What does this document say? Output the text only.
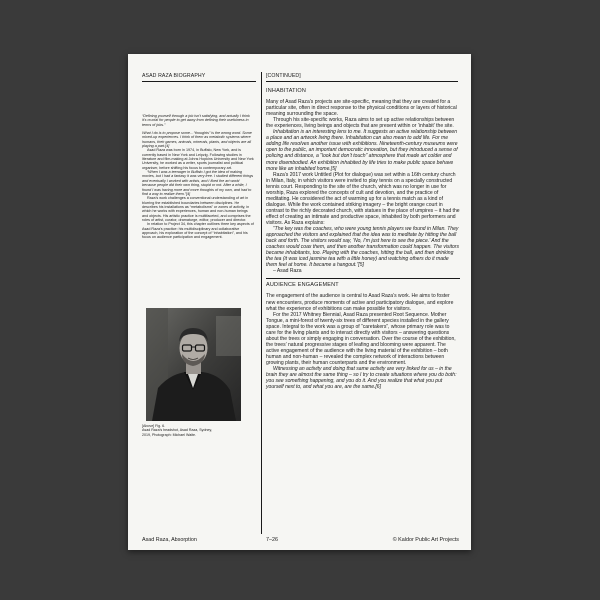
ASAD RAZA BIOGRAPHY	[CONTINUED]

“Defining yourself through a job isn’t satisfying, and actually I think it’s crucial for people to get away from defining their usefulness in terms of jobs.”

What I do is to propose some…“thoughts” is the wrong word. Some mixed-up experiences. I think of them as metabolic systems where humans, their games, animals, minerals, plants, and objects are all playing a part.[4]

Asad Raza was born in 1974, in Buffalo, New York, and is currently based in New York and Leipzig. Following studies in literature and film-making at Johns Hopkins University and New York University, he worked as a writer, sports journalist and political organiser, before shifting his focus to contemporary art.

“When I was a teenager in Buffalo I got the idea of making movies, but I had a fantasy it was very free. I studied different things and eventually I worked with artists, and I liked the art world because people did their own thing, stupid or not. After a while, I found I was having more and more thoughts of my own, and had to find a way to realize them.”[4]

Raza’s work challenges a conventional understanding of art in blurring the established boundaries between disciplines. He describes his installations as “metabolisms” or zones of activity, in which he works with experiences, human and non-human beings and objects. His artistic practice is multifaceted, and comprises the roles of artist, curator, dramaturge, editor, producer and director.

In relation to Project 34, this chapter outlines three key aspects of Asad Raza’s practice: his multidisciplinary and collaborative approach, his exploration of the concept of “inhabitation”, and his focus on audience participation and engagement.

[Above] Fig. 6.
Asad Raza’s headshot, Asad Raza, Sydney,
2019, Photograph: Michael Waite.
INHABITATION

Many of Asad Raza’s projects are site-specific, meaning that they are created for a particular site, often in direct response to the physical conditions or layers of historical meaning surrounding the space.

Through his site-specific works, Raza aims to set up active relationships between the experiences, living beings and objects that are present within or ‘inhabit’ the site.

Inhabitation is an interesting lens to me. It suggests an active relationship between a place and an artwork living there. Inhabitation can also mean to add life. For me adding life resolves another issue with exhibitions. Nineteenth-century museums were open to the public, an important democratic innovation, but they introduced a sense of policing and distance, a “look but don’t touch” atmosphere that made art colder and more disembodied. An exhibition inhabited by life tries to make public space behave more like an inhabited home.[5]

Raza’s 2017 work Untitled (Plot for dialogue) was set within a 16th century church in Milan, Italy, in which visitors were invited to play tennis on a specially constructed tennis court. Responding to the site of the church, which was no longer in use for worship, Raza explored the concepts of cult and devotion, and the practice of meditating. He considered the act of warming up for a tennis match as a kind of dialogue. While the work contained striking imagery – the bright orange court in contrast to the richly decorated church, with statues in the place of umpires – it had the effect of creating an intimate and productive space, inhabited by both performers and visitors. As Raza explains:

“The key was the coaches, who were young tennis players we found in Milan. They approached the visitors and explained that the idea was to meditate by hitting the ball back and forth. The visitors would say, ‘No, I’m just here to see the piece.’ And the coaches would coax them, and then another transformation could happen. The visitors became inhabitants, too. Playing with the coaches, hitting the ball, and then drinking the tea (it was iced jasmine tea with a little honey) and watching others do it made them feel at home. It became a hangout.”[5]

– Asad Raza

AUDIENCE ENGAGEMENT

The engagement of the audience is central to Asad Raza’s work. He aims to foster new encounters, produce moments of active and participatory dialogue, and explore what the experience of exhibitions can make possible for visitors.

For the 2017 Whitney Biennial, Asad Raza presented Root Sequence. Mother Tongue, a mini-forest of twenty-six trees of different species installed in the gallery space. Integral to the work was a group of “caretakers”, whose primary role was to care for the living plants and to interact directly with visitors – answering questions about the trees or simply engaging in conversation. Over the course of the exhibition, the trees’ natural progressive stages of leafing and blooming were apparent. The active engagement of the audience with the living material of the exhibition – both human and non-human – revealed the complex network of interactions between growing plants, their human counterparts and the environment.

Witnessing an activity and doing that same activity are very linked for us – in the brain they are almost the same thing – so I try to create situations where you do both: you see something happening, and you do it. And you realize that what you put yourself next to, and what you are, are the same.[6]

Asad Raza, Absorption	7–26	© Kaldor Public Art Projects
